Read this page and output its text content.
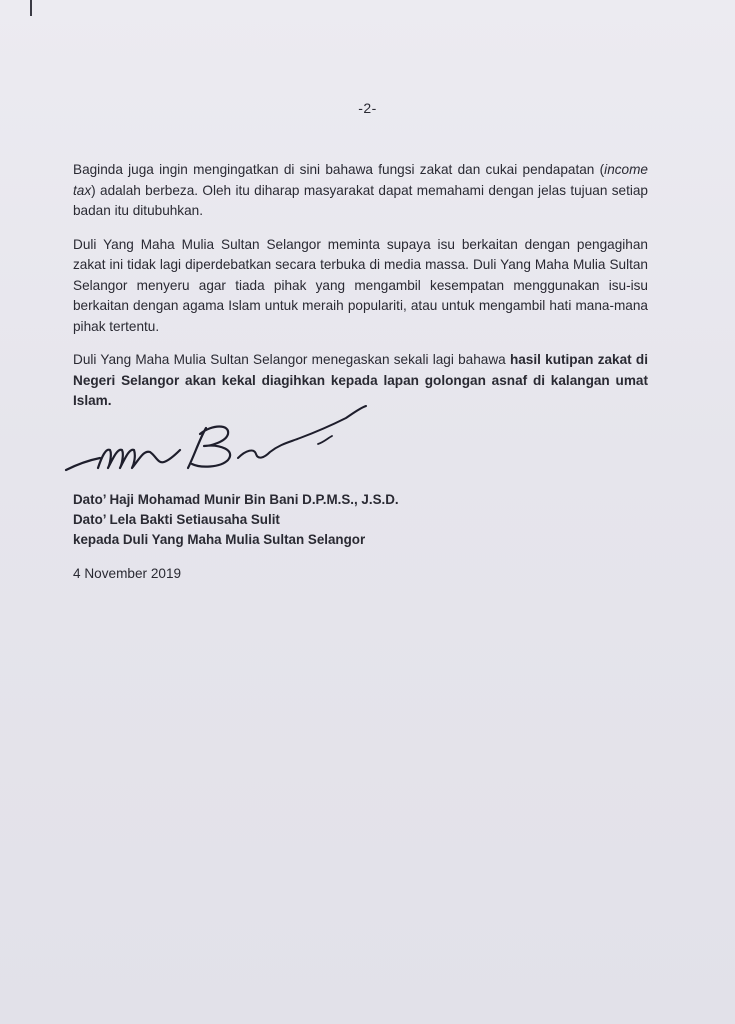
-2-

Baginda juga ingin mengingatkan di sini bahawa fungsi zakat dan cukai pendapatan (income tax) adalah berbeza. Oleh itu diharap masyarakat dapat memahami dengan jelas tujuan setiap badan itu ditubuhkan.

Duli Yang Maha Mulia Sultan Selangor meminta supaya isu berkaitan dengan pengagihan zakat ini tidak lagi diperdebatkan secara terbuka di media massa. Duli Yang Maha Mulia Sultan Selangor menyeru agar tiada pihak yang mengambil kesempatan menggunakan isu-isu berkaitan dengan agama Islam untuk meraih populariti, atau untuk mengambil hati mana-mana pihak tertentu.

Duli Yang Maha Mulia Sultan Selangor menegaskan sekali lagi bahawa hasil kutipan zakat di Negeri Selangor akan kekal diagihkan kepada lapan golongan asnaf di kalangan umat Islam.

Dato’ Haji Mohamad Munir Bin Bani D.P.M.S., J.S.D.
Dato’ Lela Bakti Setiausaha Sulit
kepada Duli Yang Maha Mulia Sultan Selangor
4 November 2019
